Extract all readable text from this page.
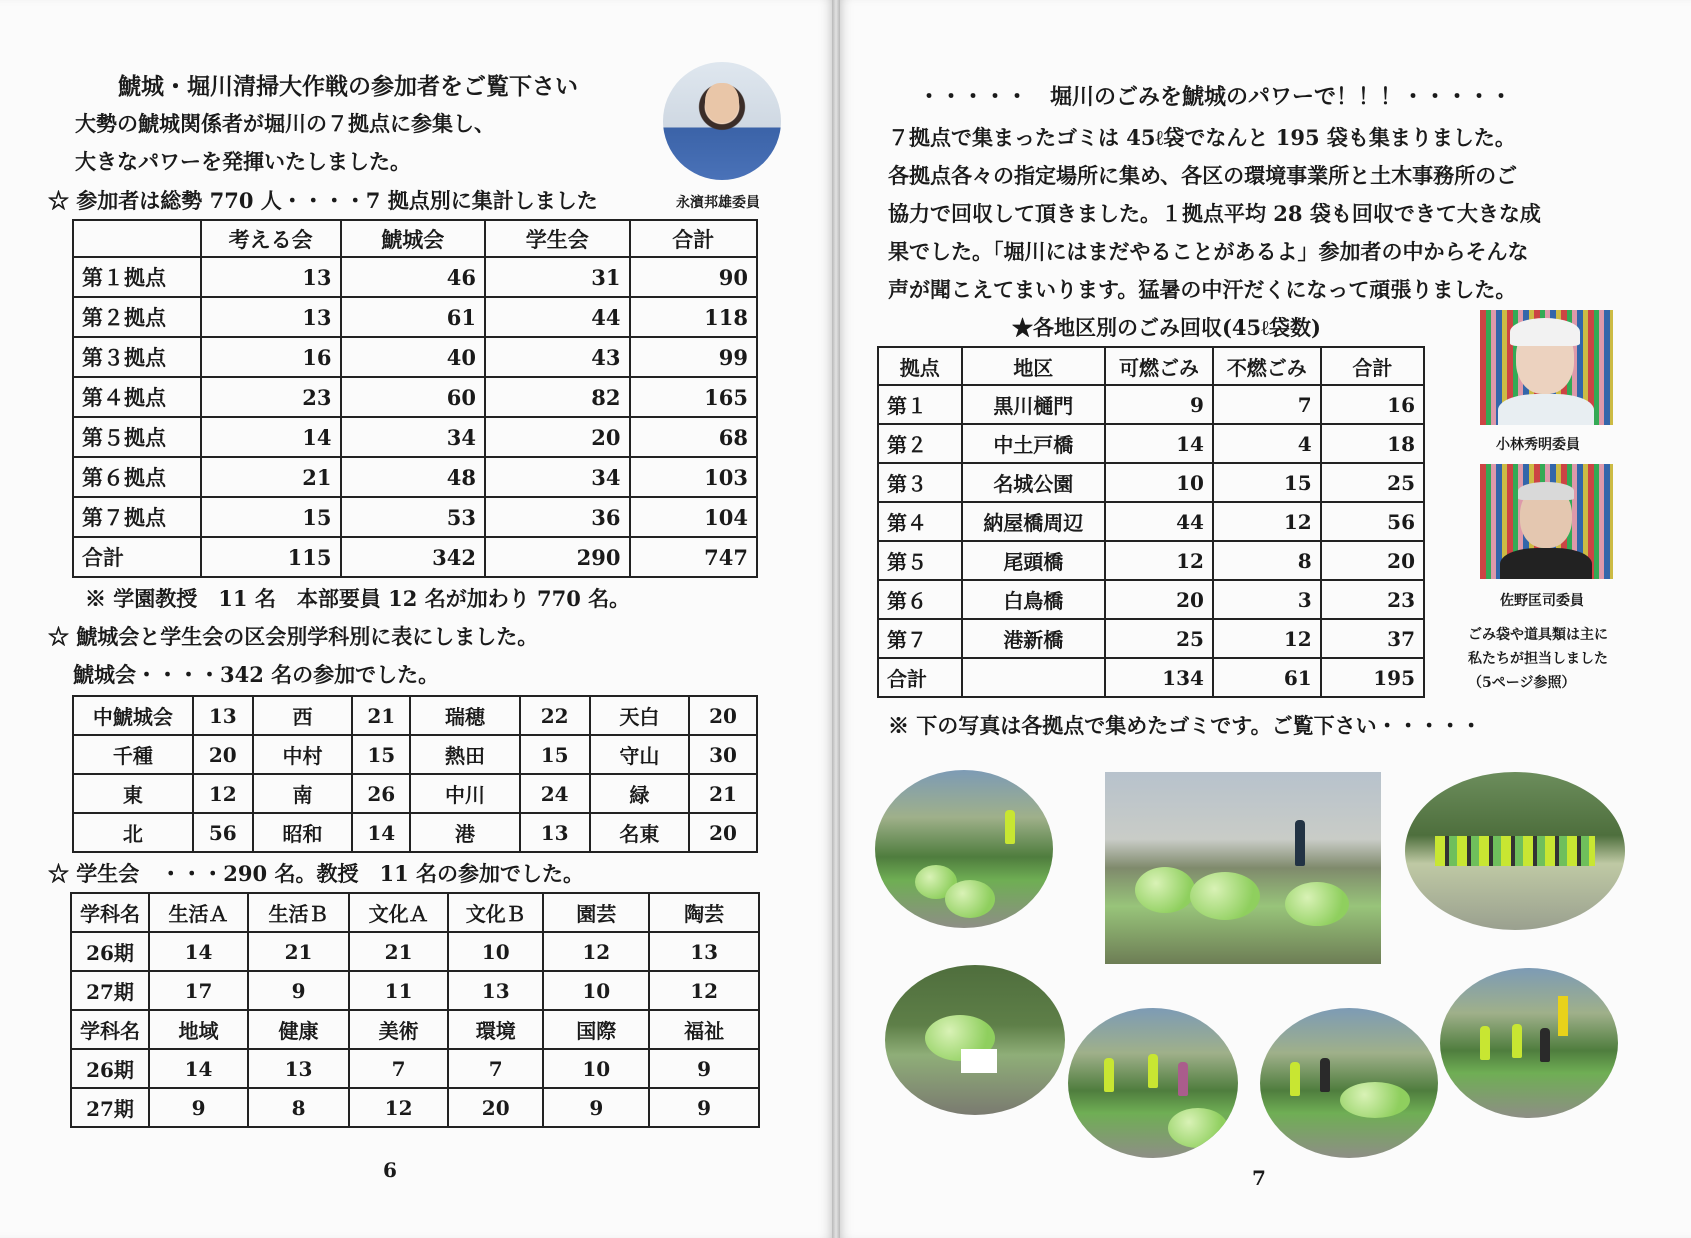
鯱城・堀川清掃大作戦の参加者をご覧下さい
大勢の鯱城関係者が堀川の７拠点に参集し、
大きなパワーを発揮いたしました。
☆ 参加者は総勢 770 人・・・・7 拠点別に集計しました	永濱邦雄委員
	考える会	鯱城会	学生会	合計
第１拠点	13	46	31	90
第２拠点	13	61	44	118
第３拠点	16	40	43	99
第４拠点	23	60	82	165
第５拠点	14	34	20	68
第６拠点	21	48	34	103
第７拠点	15	53	36	104
合計	115	342	290	747
※ 学園教授　11 名　本部要員 12 名が加わり 770 名。
☆ 鯱城会と学生会の区会別学科別に表にしました。
鯱城会・・・・342 名の参加でした。
中鯱城会	13	西	21	瑞穂	22	天白	20
千種	20	中村	15	熱田	15	守山	30
東	12	南	26	中川	24	緑	21
北	56	昭和	14	港	13	名東	20
☆ 学生会　・・・290 名。教授　11 名の参加でした。
学科名	生活Ａ	生活Ｂ	文化Ａ	文化Ｂ	園芸	陶芸
26期	14	21	21	10	12	13
27期	17	9	11	13	10	12
学科名	地域	健康	美術	環境	国際	福祉
26期	14	13	7	7	10	9
27期	9	8	12	20	9	9
6
・・・・・　堀川のごみを鯱城のパワーで！！！・・・・・
７拠点で集まったゴミは 45ℓ袋でなんと 195 袋も集まりました。
各拠点各々の指定場所に集め、各区の環境事業所と土木事務所のご
協力で回収して頂きました。１拠点平均 28 袋も回収できて大きな成
果でした。「堀川にはまだやることがあるよ」参加者の中からそんな
声が聞こえてまいります。猛暑の中汗だくになって頑張りました。
★各地区別のごみ回収(45ℓ袋数)
拠点	地区	可燃ごみ	不燃ごみ	合計
第１	黒川樋門	9	7	16
第２	中土戸橋	14	4	18
第３	名城公園	10	15	25
第４	納屋橋周辺	44	12	56
第５	尾頭橋	12	8	20
第６	白鳥橋	20	3	23
第７	港新橋	25	12	37
合計		134	61	195
小林秀明委員
佐野匡司委員
ごみ袋や道具類は主に
私たちが担当しました
（5ページ参照）
※ 下の写真は各拠点で集めたゴミです。ご覧下さい・・・・・
7
